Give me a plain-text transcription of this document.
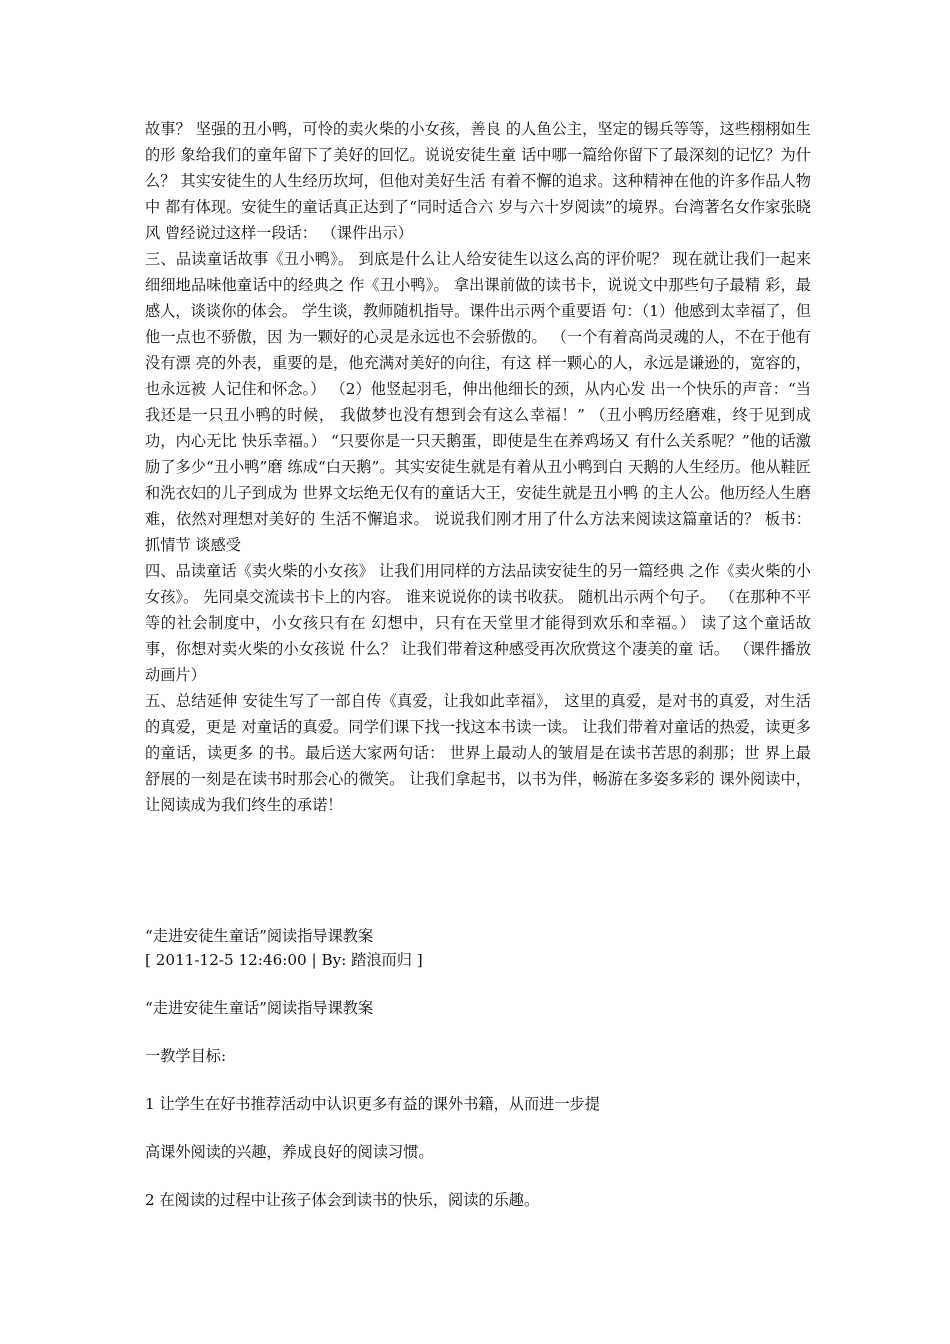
故事？ 坚强的丑小鸭，可怜的卖火柴的小女孩，善良 的人鱼公主，坚定的锡兵等等，这些栩栩如生的形 象给我们的童年留下了美好的回忆。说说安徒生童 话中哪一篇给你留下了最深刻的记忆？为什么？ 其实安徒生的人生经历坎坷，但他对美好生活 有着不懈的追求。这种精神在他的许多作品人物中 都有体现。安徒生的童话真正达到了“同时适合六 岁与六十岁阅读”的境界。台湾著名女作家张晓风 曾经说过这样一段话： （课件出示）

三、品读童话故事《丑小鸭》。 到底是什么让人给安徒生以这么高的评价呢？ 现在就让我们一起来细细地品味他童话中的经典之 作《丑小鸭》。 拿出课前做的读书卡，说说文中那些句子最精 彩，最感人，谈谈你的体会。 学生谈，教师随机指导。课件出示两个重要语 句：（1）他感到太幸福了，但他一点也不骄傲，因 为一颗好的心灵是永远也不会骄傲的。 （一个有着高尚灵魂的人，不在于他有没有漂 亮的外表，重要的是，他充满对美好的向往，有这 样一颗心的人，永远是谦逊的，宽容的，也永远被 人记住和怀念。） （2）他竖起羽毛，伸出他细长的颈，从内心发 出一个快乐的声音：“当我还是一只丑小鸭的时候， 我做梦也没有想到会有这么幸福！” （丑小鸭历经磨难，终于见到成功，内心无比 快乐幸福。） “只要你是一只天鹅蛋，即使是生在养鸡场又 有什么关系呢？”他的话激励了多少“丑小鸭”磨 练成“白天鹅”。其实安徒生就是有着从丑小鸭到白 天鹅的人生经历。他从鞋匠和洗衣妇的儿子到成为 世界文坛绝无仅有的童话大王，安徒生就是丑小鸭 的主人公。他历经人生磨难，依然对理想对美好的 生活不懈追求。 说说我们刚才用了什么方法来阅读这篇童话的？ 板书：抓情节 谈感受

四、品读童话《卖火柴的小女孩》 让我们用同样的方法品读安徒生的另一篇经典 之作《卖火柴的小女孩》。 先同桌交流读书卡上的内容。 谁来说说你的读书收获。 随机出示两个句子。 （在那种不平等的社会制度中，小女孩只有在 幻想中，只有在天堂里才能得到欢乐和幸福。） 读了这个童话故事，你想对卖火柴的小女孩说 什么？ 让我们带着这种感受再次欣赏这个凄美的童 话。 （课件播放动画片）

五、总结延伸 安徒生写了一部自传《真爱，让我如此幸福》， 这里的真爱，是对书的真爱，对生活的真爱，更是 对童话的真爱。同学们课下找一找这本书读一读。 让我们带着对童话的热爱，读更多的童话，读更多 的书。最后送大家两句话： 世界上最动人的皱眉是在读书苦思的刹那；世 界上最舒展的一刻是在读书时那会心的微笑。 让我们拿起书，以书为伴，畅游在多姿多彩的 课外阅读中，让阅读成为我们终生的承诺！

“走进安徒生童话”阅读指导课教案

[ 2011-12-5 12:46:00 | By: 踏浪而归 ]

“走进安徒生童话”阅读指导课教案

一教学目标:

1 让学生在好书推荐活动中认识更多有益的课外书籍，从而进一步提

高课外阅读的兴趣，养成良好的阅读习惯。

2 在阅读的过程中让孩子体会到读书的快乐，阅读的乐趣。
